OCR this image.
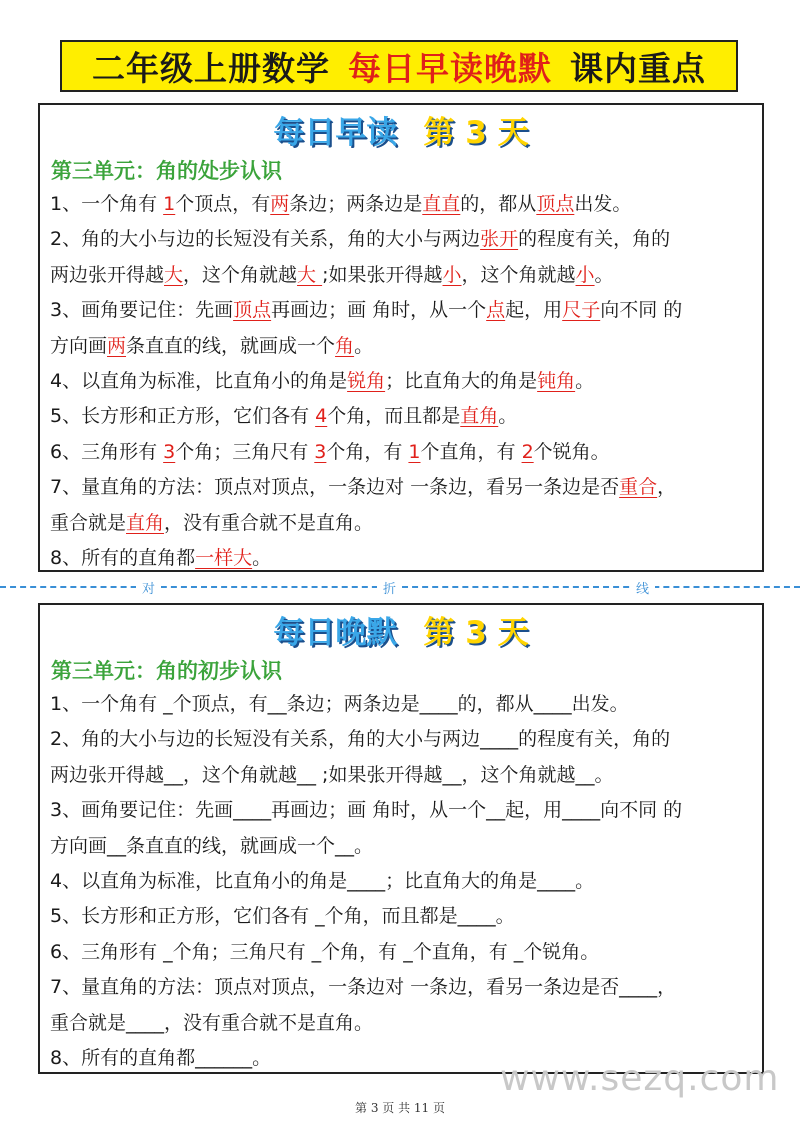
二年级上册数学 每日早读晚默 课内重点
每日早读 第 3 天
第三单元：角的处步认识
1、一个角有 1个顶点，有两条边；两条边是直直的，都从顶点出发。
2、角的大小与边的长短没有关系，角的大小与两边张开的程度有关，角的
两边张开得越大，这个角就越大 ;如果张开得越小，这个角就越小。
3、画角要记住：先画顶点再画边；画 角时，从一个点起，用尺子向不同 的
方向画两条直直的线，就画成一个角。
4、以直角为标准，比直角小的角是锐角；比直角大的角是钝角。
5、长方形和正方形，它们各有 4个角，而且都是直角。
6、三角形有 3个角；三角尺有 3个角，有 1个直角，有 2个锐角。
7、量直角的方法：顶点对顶点，一条边对 一条边，看另一条边是否重合，
重合就是直角，没有重合就不是直角。
8、所有的直角都一样大。
对	折	线
每日晚默 第 3 天
第三单元：角的初步认识
1、一个角有 _个顶点，有__条边；两条边是____的，都从____出发。
2、角的大小与边的长短没有关系，角的大小与两边____的程度有关，角的
两边张开得越__，这个角就越__ ;如果张开得越__，这个角就越__。
3、画角要记住：先画____再画边；画 角时，从一个__起，用____向不同 的
方向画__条直直的线，就画成一个__。
4、以直角为标准，比直角小的角是____；比直角大的角是____。
5、长方形和正方形，它们各有 _个角，而且都是____。
6、三角形有 _个角；三角尺有 _个角，有 _个直角，有 _个锐角。
7、量直角的方法：顶点对顶点，一条边对 一条边，看另一条边是否____，
重合就是____，没有重合就不是直角。
8、所有的直角都______。
www.sezq.com
第 3 页 共 11 页
